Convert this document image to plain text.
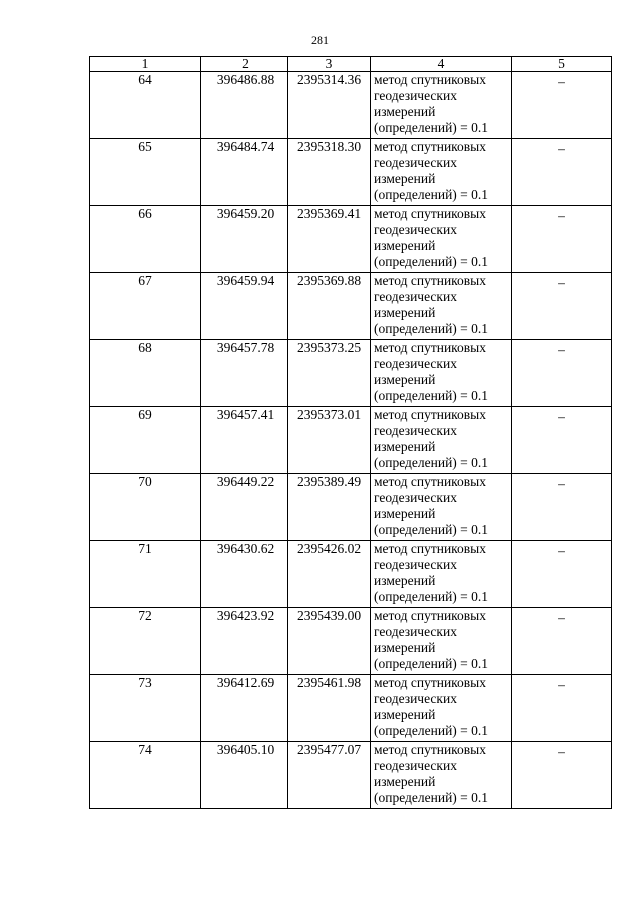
281
1	2	3	4	5
64	396486.88	2395314.36	метод спутниковых
геодезических
измерений
(определений) = 0.1	–
65	396484.74	2395318.30	метод спутниковых
геодезических
измерений
(определений) = 0.1	–
66	396459.20	2395369.41	метод спутниковых
геодезических
измерений
(определений) = 0.1	–
67	396459.94	2395369.88	метод спутниковых
геодезических
измерений
(определений) = 0.1	–
68	396457.78	2395373.25	метод спутниковых
геодезических
измерений
(определений) = 0.1	–
69	396457.41	2395373.01	метод спутниковых
геодезических
измерений
(определений) = 0.1	–
70	396449.22	2395389.49	метод спутниковых
геодезических
измерений
(определений) = 0.1	–
71	396430.62	2395426.02	метод спутниковых
геодезических
измерений
(определений) = 0.1	–
72	396423.92	2395439.00	метод спутниковых
геодезических
измерений
(определений) = 0.1	–
73	396412.69	2395461.98	метод спутниковых
геодезических
измерений
(определений) = 0.1	–
74	396405.10	2395477.07	метод спутниковых
геодезических
измерений
(определений) = 0.1	–
